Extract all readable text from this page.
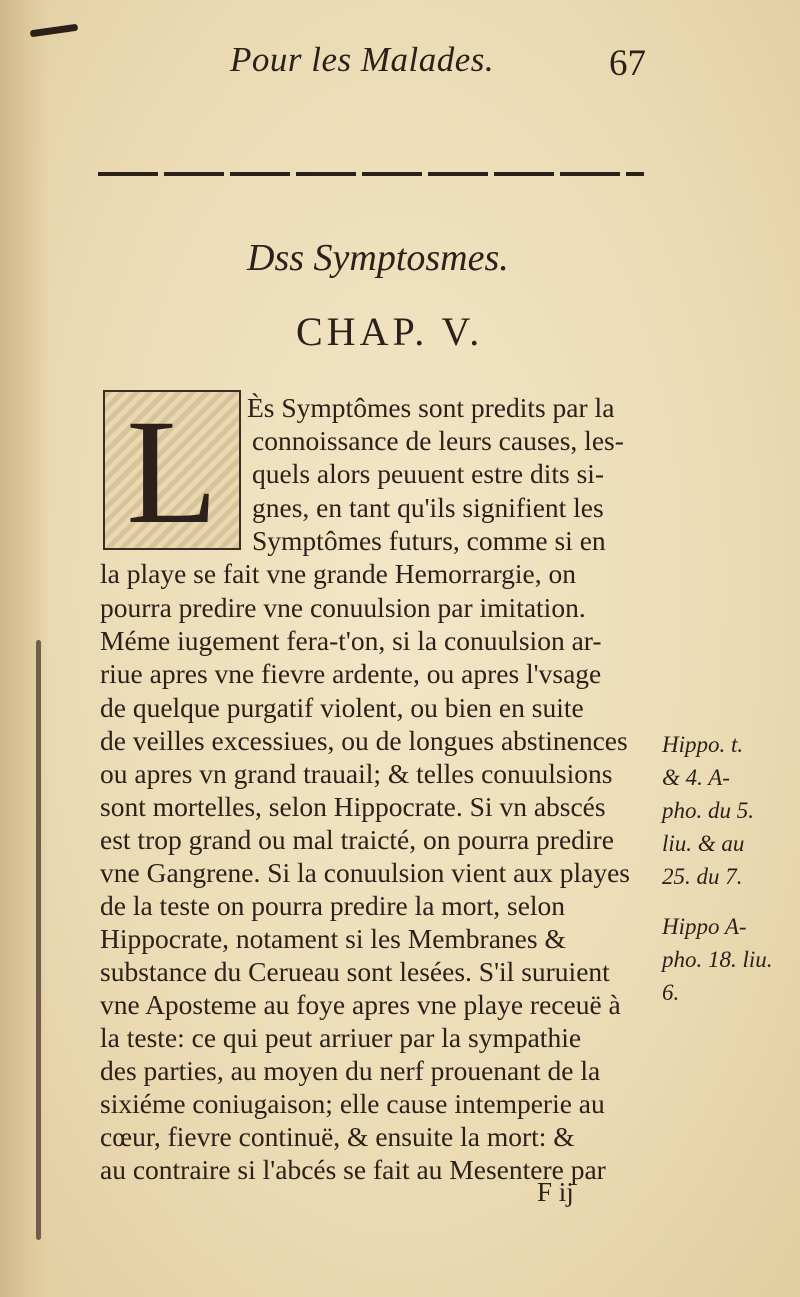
Pour les Malades.	67
Dss Symptosmes.
CHAP. V.
L	Ès Symptômes sont predits par la
connoissance de leurs causes, les-
quels alors peuuent estre dits si-
gnes, en tant qu'ils signifient les
Symptômes futurs, comme si en
la playe se fait vne grande Hemorrargie, on
pourra predire vne conuulsion par imitation.
Méme iugement fera-t'on, si la conuulsion ar-
riue apres vne fievre ardente, ou apres l'vsage
de quelque purgatif violent, ou bien en suite
de veilles excessiues, ou de longues abstinences
ou apres vn grand trauail; & telles conuulsions
sont mortelles, selon Hippocrate. Si vn abscés
est trop grand ou mal traicté, on pourra predire
vne Gangrene. Si la conuulsion vient aux playes
de la teste on pourra predire la mort, selon
Hippocrate, notament si les Membranes &
substance du Cerueau sont lesées. S'il suruient
vne Aposteme au foye apres vne playe receuë à
la teste: ce qui peut arriuer par la sympathie
des parties, au moyen du nerf prouenant de la
sixiéme coniugaison; elle cause intemperie au
cœur, fievre continuë, & ensuite la mort: &
au contraire si l'abcés se fait au Mesentere par
Hippo. t.
& 4. A-
pho. du 5.
liu. & au
25. du 7.
Hippo A-
pho. 18. liu.
6.
F ij
